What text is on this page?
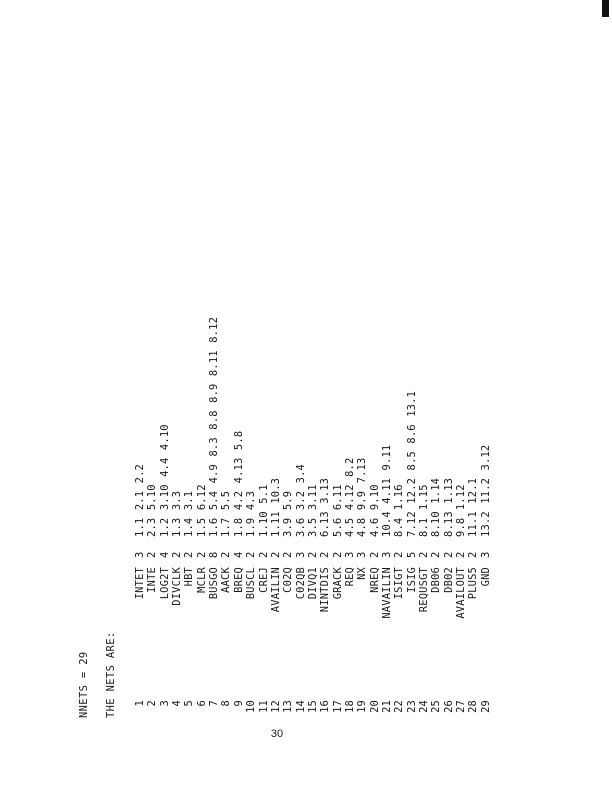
NNETS = 29 THE NETS ARE: 1
INTET
3
1.1 2.1 2.2
2
INTE
2
2.3 5.10
3
LOG2T
4
1.2 3.10 4.4 4.10
4
DIVCLK
2
1.3 3.3
5
HBT
2
1.4 3.1
6
MCLR
2
1.5 6.12
7
BUSGO
8
1.6 5.4 4.9 8.3 8.8 8.9 8.11 8.12
8
AACK
2
1.7 5.5
9
BREQ
4
1.8 4.2 4.13 5.8
10
BUSCL
2
1.9 4.3
11
CREJ
2
1.10 5.1
12
AVAILIN
2
1.11 10.3
13
C02Q
2
3.9 5.9
14
C02QB
3
3.6 3.2 3.4
15
DIVQ1
2
3.5 3.11
16
NINTDIS
2
6.13 3.13
17
GRACK
2
5.6 6.11
18
REQ
3
4.5 4.12 8.2
19
NX
3
4.8 9.9 7.13
20
NREQ
2
4.6 9.10
21
NAVAILIN
3
10.4 4.11 9.11
22
ISIGT
2
8.4 1.16
23
ISIG
5
7.12 12.2 8.5 8.6 13.1
24
REQUSGT
2
8.1 1.15
25
DB06
2
8.10 1.14
26
DB02
2
8.13 1.13
27
AVAILOUT
2
9.8 1.12
28
PLUS5
2
11.1 12.1
29
GND
3
13.2 11.2 3.12
30
